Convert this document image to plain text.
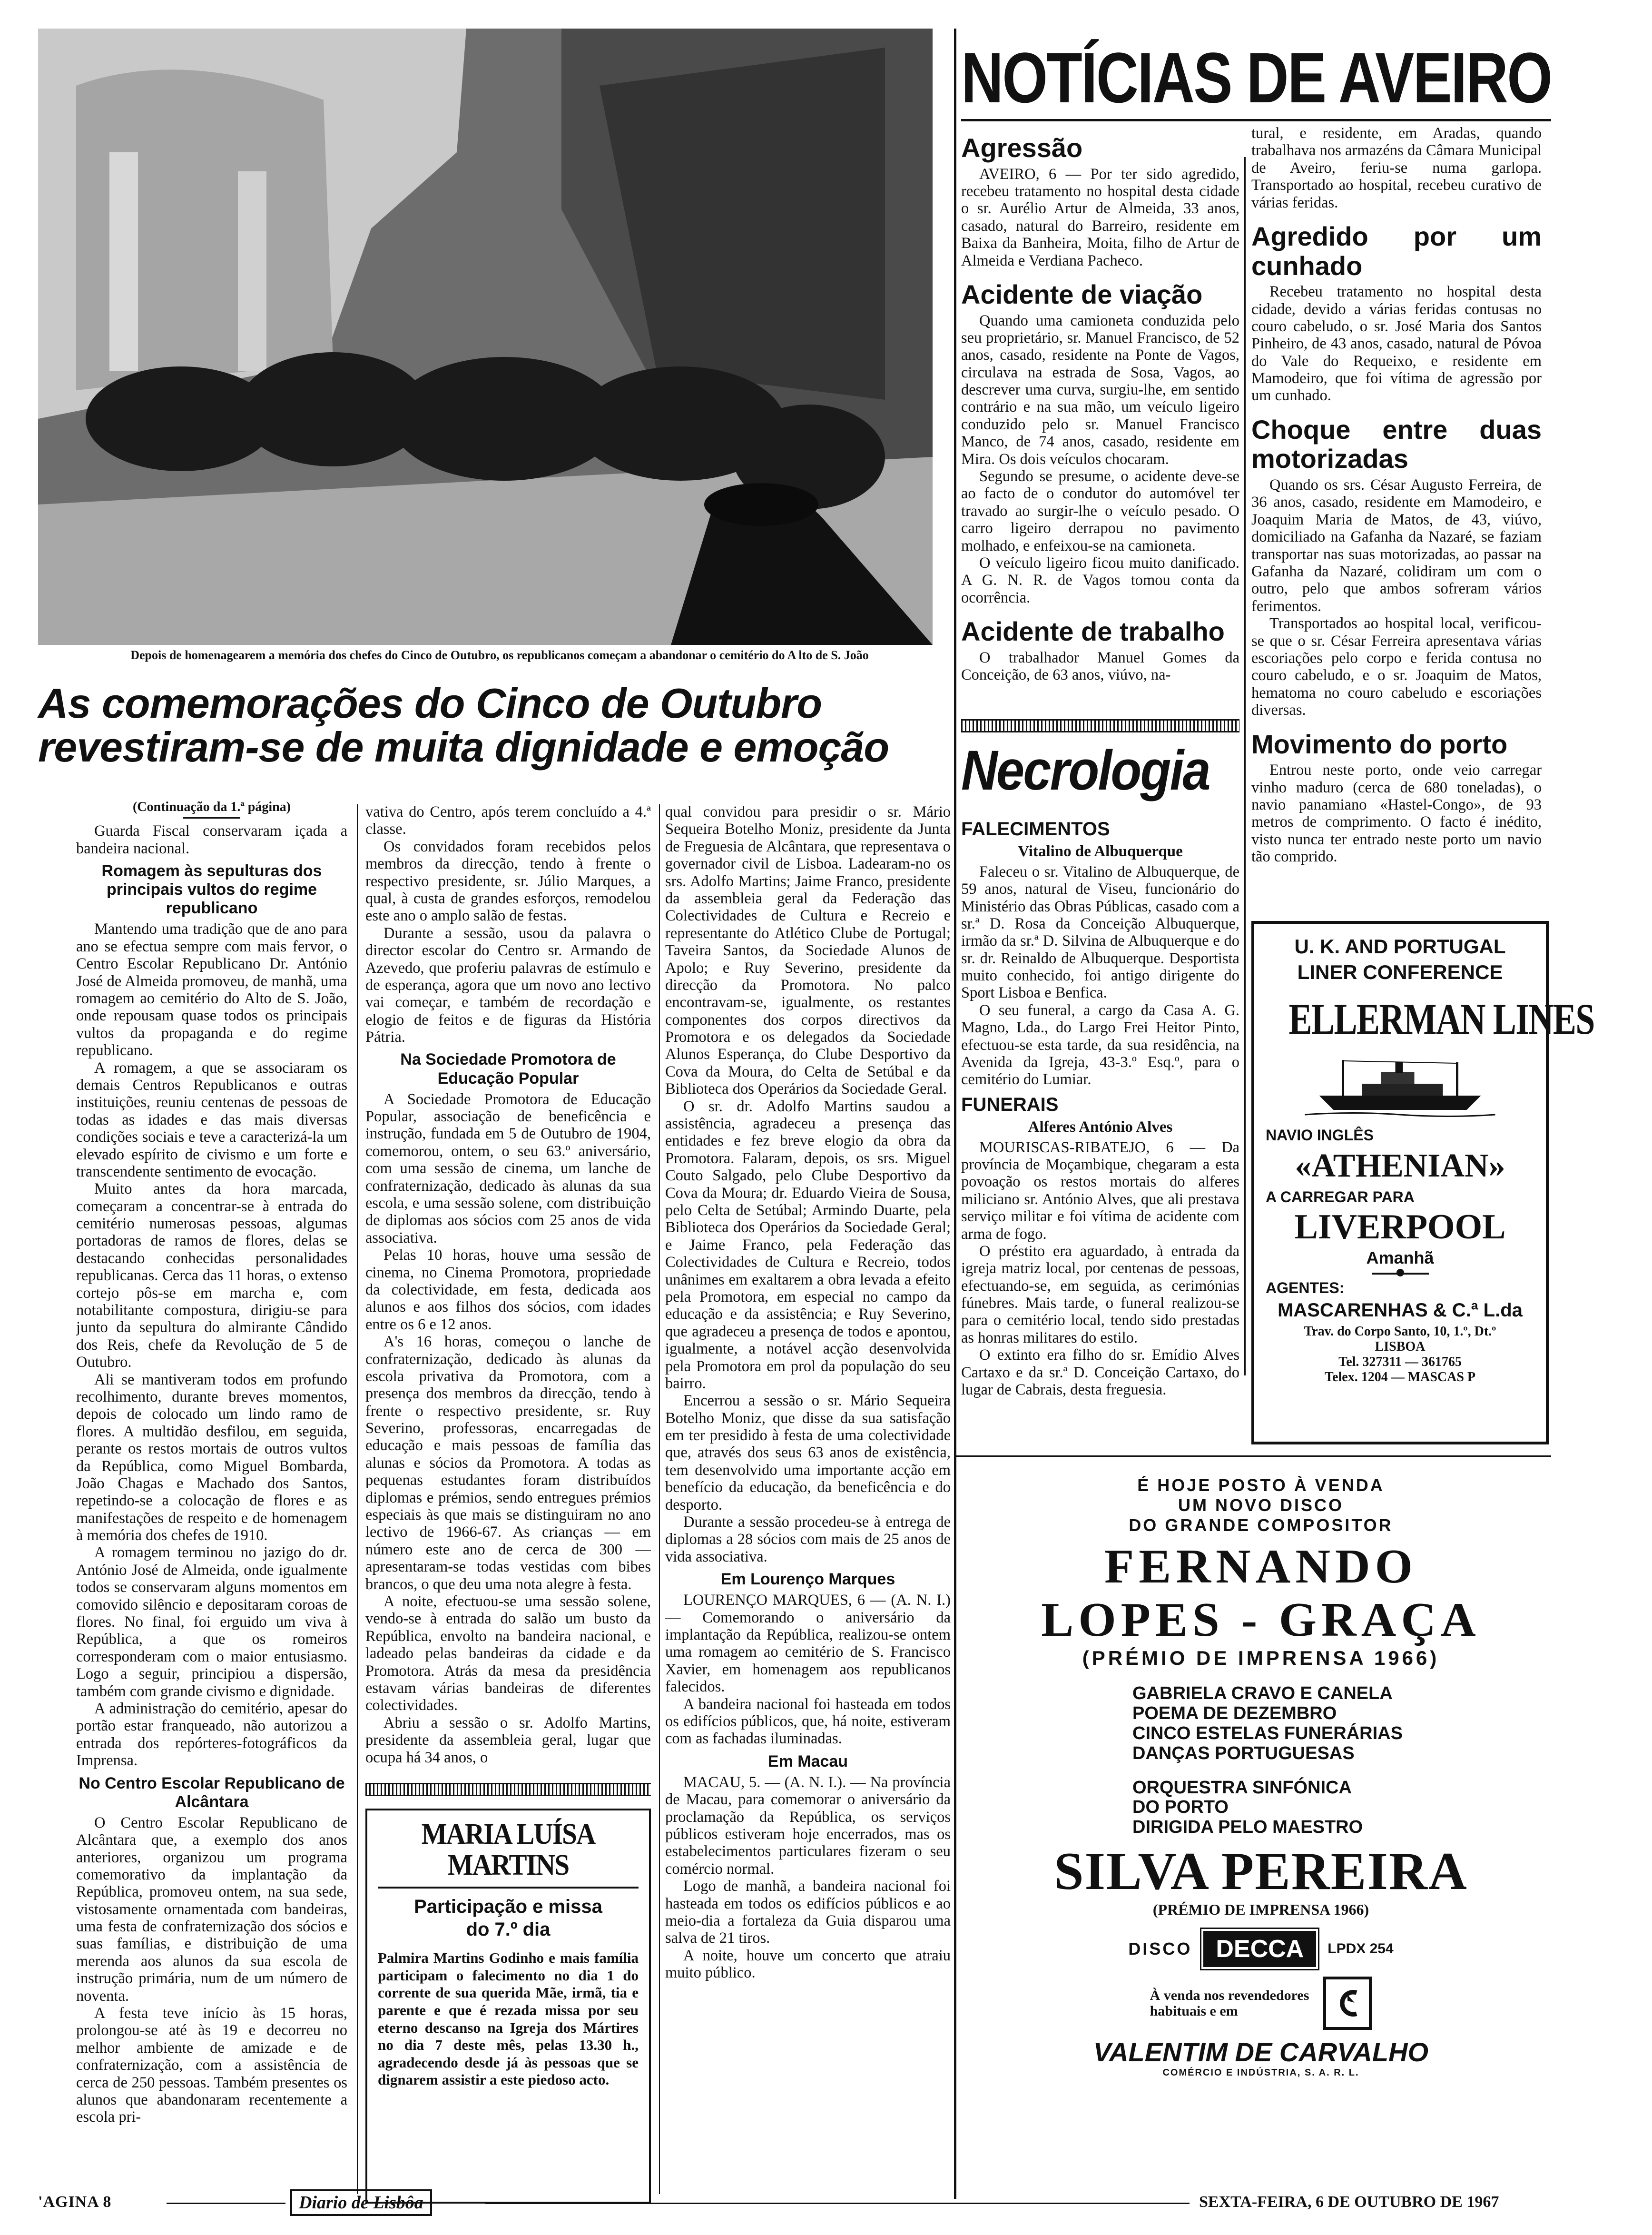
Depois de homenagearem a memória dos chefes do Cinco de Outubro, os republicanos começam a abandonar o cemitério do A lto de S. João
As comemorações do Cinco de Outubro
revestiram-se de muita dignidade e emoção
(Continuação da 1.ª página)

Guarda Fiscal conservaram içada a bandeira nacional.

Romagem às sepulturas dos principais vultos do regime republicano

Mantendo uma tradição que de ano para ano se efectua sempre com mais fervor, o Centro Escolar Republicano Dr. António José de Almeida promoveu, de manhã, uma romagem ao cemitério do Alto de S. João, onde repousam quase todos os principais vultos da propaganda e do regime republicano.

A romagem, a que se associaram os demais Centros Republicanos e outras instituições, reuniu centenas de pessoas de todas as idades e das mais diversas condições sociais e teve a caracterizá-la um elevado espírito de civismo e um forte e transcendente sentimento de evocação.

Muito antes da hora marcada, começaram a concentrar-se à entrada do cemitério numerosas pessoas, algumas portadoras de ramos de flores, delas se destacando conhecidas personalidades republicanas. Cerca das 11 horas, o extenso cortejo pôs-se em marcha e, com notabilitante compostura, dirigiu-se para junto da sepultura do almirante Cândido dos Reis, chefe da Revolução de 5 de Outubro.

Ali se mantiveram todos em profundo recolhimento, durante breves momentos, depois de colocado um lindo ramo de flores. A multidão desfilou, em seguida, perante os restos mortais de outros vultos da República, como Miguel Bombarda, João Chagas e Machado dos Santos, repetindo-se a colocação de flores e as manifestações de respeito e de homenagem à memória dos chefes de 1910.

A romagem terminou no jazigo do dr. António José de Almeida, onde igualmente todos se conservaram alguns momentos em comovido silêncio e depositaram coroas de flores. No final, foi erguido um viva à República, a que os romeiros corresponderam com o maior entusiasmo. Logo a seguir, principiou a dispersão, também com grande civismo e dignidade.

A administração do cemitério, apesar do portão estar franqueado, não autorizou a entrada dos repórteres-fotográficos da Imprensa.

No Centro Escolar Republicano de Alcântara

O Centro Escolar Republicano de Alcântara que, a exemplo dos anos anteriores, organizou um programa comemorativo da implantação da República, promoveu ontem, na sua sede, vistosamente ornamentada com bandeiras, uma festa de confraternização dos sócios e suas famílias, e distribuição de uma merenda aos alunos da sua escola de instrução primária, num de um número de noventa.

A festa teve início às 15 horas, prolongou-se até às 19 e decorreu no melhor ambiente de amizade e de confraternização, com a assistência de cerca de 250 pessoas. Também presentes os alunos que abandonaram recentemente a escola pri-

vativa do Centro, após terem concluído a 4.ª classe.

Os convidados foram recebidos pelos membros da direcção, tendo à frente o respectivo presidente, sr. Júlio Marques, a qual, à custa de grandes esforços, remodelou este ano o amplo salão de festas.

Durante a sessão, usou da palavra o director escolar do Centro sr. Armando de Azevedo, que proferiu palavras de estímulo e de esperança, agora que um novo ano lectivo vai começar, e também de recordação e elogio de feitos e de figuras da História Pátria.

Na Sociedade Promotora de Educação Popular

A Sociedade Promotora de Educação Popular, associação de beneficência e instrução, fundada em 5 de Outubro de 1904, comemorou, ontem, o seu 63.º aniversário, com uma sessão de cinema, um lanche de confraternização, dedicado às alunas da sua escola, e uma sessão solene, com distribuição de diplomas aos sócios com 25 anos de vida associativa.

Pelas 10 horas, houve uma sessão de cinema, no Cinema Promotora, propriedade da colectividade, em festa, dedicada aos alunos e aos filhos dos sócios, com idades entre os 6 e 12 anos.

A's 16 horas, começou o lanche de confraternização, dedicado às alunas da escola privativa da Promotora, com a presença dos membros da direcção, tendo à frente o respectivo presidente, sr. Ruy Severino, professoras, encarregadas de educação e mais pessoas de família das alunas e sócios da Promotora. A todas as pequenas estudantes foram distribuídos diplomas e prémios, sendo entregues prémios especiais às que mais se distinguiram no ano lectivo de 1966-67. As crianças — em número este ano de cerca de 300 — apresentaram-se todas vestidas com bibes brancos, o que deu uma nota alegre à festa.

A noite, efectuou-se uma sessão solene, vendo-se à entrada do salão um busto da República, envolto na bandeira nacional, e ladeado pelas bandeiras da cidade e da Promotora. Atrás da mesa da presidência estavam várias bandeiras de diferentes colectividades.

Abriu a sessão o sr. Adolfo Martins, presidente da assembleia geral, lugar que ocupa há 34 anos, o

MARIA LUÍSA MARTINS
Participação e missa do 7.º dia
Palmira Martins Godinho e mais família participam o falecimento no dia 1 do corrente de sua querida Mãe, irmã, tia e parente e que é rezada missa por seu eterno descanso na Igreja dos Mártires no dia 7 deste mês, pelas 13.30 h., agradecendo desde já às pessoas que se dignarem assistir a este piedoso acto.

qual convidou para presidir o sr. Mário Sequeira Botelho Moniz, presidente da Junta de Freguesia de Alcântara, que representava o governador civil de Lisboa. Ladearam-no os srs. Adolfo Martins; Jaime Franco, presidente da assembleia geral da Federação das Colectividades de Cultura e Recreio e representante do Atlético Clube de Portugal; Taveira Santos, da Sociedade Alunos de Apolo; e Ruy Severino, presidente da direcção da Promotora. No palco encontravam-se, igualmente, os restantes componentes dos corpos directivos da Promotora e os delegados da Sociedade Alunos Esperança, do Clube Desportivo da Cova da Moura, do Celta de Setúbal e da Biblioteca dos Operários da Sociedade Geral.

O sr. dr. Adolfo Martins saudou a assistência, agradeceu a presença das entidades e fez breve elogio da obra da Promotora. Falaram, depois, os srs. Miguel Couto Salgado, pelo Clube Desportivo da Cova da Moura; dr. Eduardo Vieira de Sousa, pelo Celta de Setúbal; Armindo Duarte, pela Biblioteca dos Operários da Sociedade Geral; e Jaime Franco, pela Federação das Colectividades de Cultura e Recreio, todos unânimes em exaltarem a obra levada a efeito pela Promotora, em especial no campo da educação e da assistência; e Ruy Severino, que agradeceu a presença de todos e apontou, igualmente, a notável acção desenvolvida pela Promotora em prol da população do seu bairro.

Encerrou a sessão o sr. Mário Sequeira Botelho Moniz, que disse da sua satisfação em ter presidido à festa de uma colectividade que, através dos seus 63 anos de existência, tem desenvolvido uma importante acção em benefício da educação, da beneficência e do desporto.

Durante a sessão procedeu-se à entrega de diplomas a 28 sócios com mais de 25 anos de vida associativa.

Em Lourenço Marques

LOURENÇO MARQUES, 6 — (A. N. I.) — Comemorando o aniversário da implantação da República, realizou-se ontem uma romagem ao cemitério de S. Francisco Xavier, em homenagem aos republicanos falecidos.

A bandeira nacional foi hasteada em todos os edifícios públicos, que, há noite, estiveram com as fachadas iluminadas.

Em Macau

MACAU, 5. — (A. N. I.). — Na província de Macau, para comemorar o aniversário da proclamação da República, os serviços públicos estiveram hoje encerrados, mas os estabelecimentos particulares fizeram o seu comércio normal.

Logo de manhã, a bandeira nacional foi hasteada em todos os edifícios públicos e ao meio-dia a fortaleza da Guia disparou uma salva de 21 tiros.

A noite, houve um concerto que atraiu muito público.

NOTÍCIAS DE AVEIRO
Agressão

AVEIRO, 6 — Por ter sido agredido, recebeu tratamento no hospital desta cidade o sr. Aurélio Artur de Almeida, 33 anos, casado, natural do Barreiro, residente em Baixa da Banheira, Moita, filho de Artur de Almeida e Verdiana Pacheco.

Acidente de viação

Quando uma camioneta conduzida pelo seu proprietário, sr. Manuel Francisco, de 52 anos, casado, residente na Ponte de Vagos, circulava na estrada de Sosa, Vagos, ao descrever uma curva, surgiu-lhe, em sentido contrário e na sua mão, um veículo ligeiro conduzido pelo sr. Manuel Francisco Manco, de 74 anos, casado, residente em Mira. Os dois veículos chocaram.

Segundo se presume, o acidente deve-se ao facto de o condutor do automóvel ter travado ao surgir-lhe o veículo pesado. O carro ligeiro derrapou no pavimento molhado, e enfeixou-se na camioneta.

O veículo ligeiro ficou muito danificado. A G. N. R. de Vagos tomou conta da ocorrência.

Acidente de trabalho

O trabalhador Manuel Gomes da Conceição, de 63 anos, viúvo, na-

tural, e residente, em Aradas, quando trabalhava nos armazéns da Câmara Municipal de Aveiro, feriu-se numa garlopa. Transportado ao hospital, recebeu curativo de várias feridas.

Agredido por um cunhado

Recebeu tratamento no hospital desta cidade, devido a várias feridas contusas no couro cabeludo, o sr. José Maria dos Santos Pinheiro, de 43 anos, casado, natural de Póvoa do Vale do Requeixo, e residente em Mamodeiro, que foi vítima de agressão por um cunhado.

Choque entre duas motorizadas

Quando os srs. César Augusto Ferreira, de 36 anos, casado, residente em Mamodeiro, e Joaquim Maria de Matos, de 43, viúvo, domiciliado na Gafanha da Nazaré, se faziam transportar nas suas motorizadas, ao passar na Gafanha da Nazaré, colidiram um com o outro, pelo que ambos sofreram vários ferimentos.

Transportados ao hospital local, verificou-se que o sr. César Ferreira apresentava várias escoriações pelo corpo e ferida contusa no couro cabeludo, e o sr. Joaquim de Matos, hematoma no couro cabeludo e escoriações diversas.

Movimento do porto

Entrou neste porto, onde veio carregar vinho maduro (cerca de 680 toneladas), o navio panamiano «Hastel-Congo», de 93 metros de comprimento. O facto é inédito, visto nunca ter entrado neste porto um navio tão comprido.

Necrologia
FALECIMENTOS
Vitalino de Albuquerque

Faleceu o sr. Vitalino de Albuquerque, de 59 anos, natural de Viseu, funcionário do Ministério das Obras Públicas, casado com a sr.ª D. Rosa da Conceição Albuquerque, irmão da sr.ª D. Silvina de Albuquerque e do sr. dr. Reinaldo de Albuquerque. Desportista muito conhecido, foi antigo dirigente do Sport Lisboa e Benfica.

O seu funeral, a cargo da Casa A. G. Magno, Lda., do Largo Frei Heitor Pinto, efectuou-se esta tarde, da sua residência, na Avenida da Igreja, 43-3.º Esq.º, para o cemitério do Lumiar.

FUNERAIS
Alferes António Alves

MOURISCAS-RIBATEJO, 6 — Da província de Moçambique, chegaram a esta povoação os restos mortais do alferes miliciano sr. António Alves, que ali prestava serviço militar e foi vítima de acidente com arma de fogo.

O préstito era aguardado, à entrada da igreja matriz local, por centenas de pessoas, efectuando-se, em seguida, as cerimónias fúnebres. Mais tarde, o funeral realizou-se para o cemitério local, tendo sido prestadas as honras militares do estilo.

O extinto era filho do sr. Emídio Alves Cartaxo e da sr.ª D. Conceição Cartaxo, do lugar de Cabrais, desta freguesia.

U. K. AND PORTUGAL
LINER CONFERENCE
ELLERMAN LINES
NAVIO INGLÊS
«ATHENIAN»
A CARREGAR PARA
LIVERPOOL
Amanhã
AGENTES:
MASCARENHAS & C.ª L.da
Trav. do Corpo Santo, 10, 1.º, Dt.º
LISBOA
Tel. 327311 — 361765
Telex. 1204 — MASCAS P
É HOJE POSTO À VENDA
UM NOVO DISCO
DO GRANDE COMPOSITOR
FERNANDO
LOPES - GRAÇA
(PRÉMIO DE IMPRENSA 1966)
GABRIELA CRAVO E CANELA
POEMA DE DEZEMBRO
CINCO ESTELAS FUNERÁRIAS
DANÇAS PORTUGUESAS
ORQUESTRA SINFÓNICA
DO PORTO
DIRIGIDA PELO MAESTRO
SILVA PEREIRA
(PRÉMIO DE IMPRENSA 1966)
DISCO DECCA	LPDX 254
À venda nos revendedores
habituais e em
VALENTIM DE CARVALHO
COMÉRCIO E INDÚSTRIA, S. A. R. L.
'AGINA 8	Diario de Lisbôa	SEXTA-FEIRA, 6 DE OUTUBRO DE 1967
